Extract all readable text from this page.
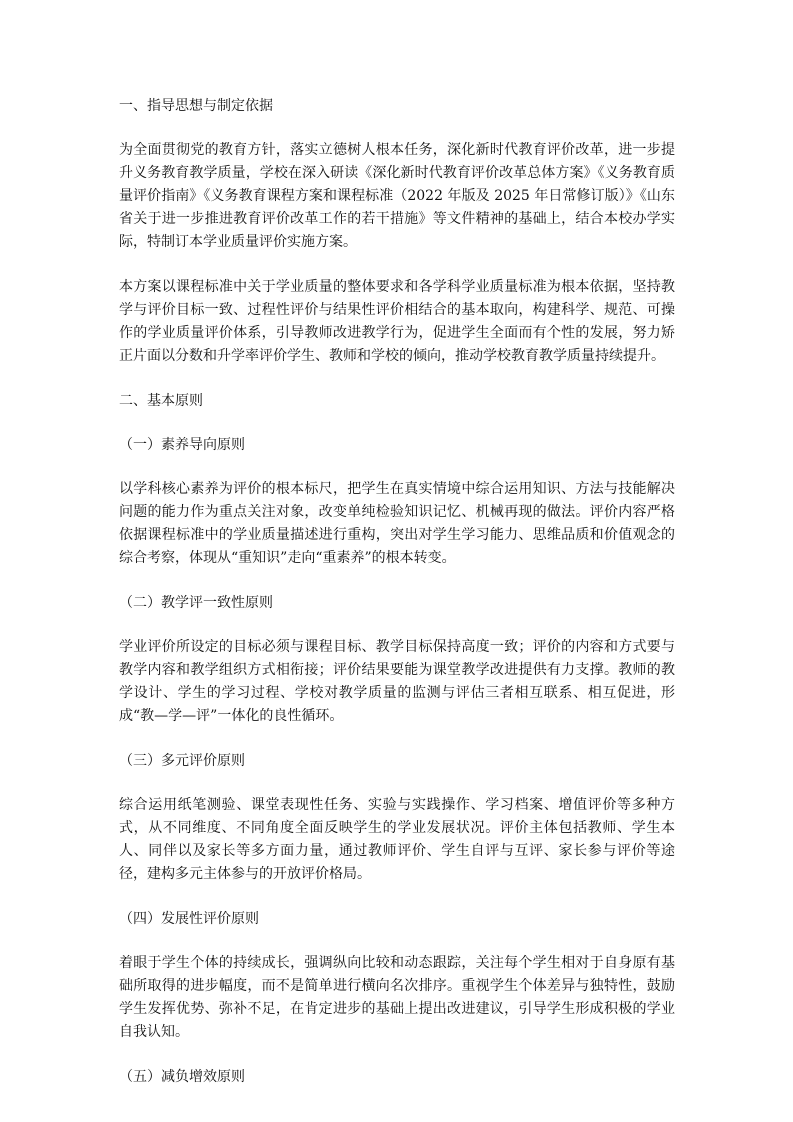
一、指导思想与制定依据
为全面贯彻党的教育方针，落实立德树人根本任务，深化新时代教育评价改革，进一步提升义务教育教学质量，学校在深入研读《深化新时代教育评价改革总体方案》《义务教育质量评价指南》《义务教育课程方案和课程标准（2022 年版及 2025 年日常修订版）》《山东省关于进一步推进教育评价改革工作的若干措施》等文件精神的基础上，结合本校办学实际，特制订本学业质量评价实施方案。
本方案以课程标准中关于学业质量的整体要求和各学科学业质量标准为根本依据，坚持教学与评价目标一致、过程性评价与结果性评价相结合的基本取向，构建科学、规范、可操作的学业质量评价体系，引导教师改进教学行为，促进学生全面而有个性的发展，努力矫正片面以分数和升学率评价学生、教师和学校的倾向，推动学校教育教学质量持续提升。
二、基本原则
（一）素养导向原则
以学科核心素养为评价的根本标尺，把学生在真实情境中综合运用知识、方法与技能解决问题的能力作为重点关注对象，改变单纯检验知识记忆、机械再现的做法。评价内容严格依据课程标准中的学业质量描述进行重构，突出对学生学习能力、思维品质和价值观念的综合考察，体现从“重知识”走向“重素养”的根本转变。
（二）教学评一致性原则
学业评价所设定的目标必须与课程目标、教学目标保持高度一致；评价的内容和方式要与教学内容和教学组织方式相衔接；评价结果要能为课堂教学改进提供有力支撑。教师的教学设计、学生的学习过程、学校对教学质量的监测与评估三者相互联系、相互促进，形成“教—学—评”一体化的良性循环。
（三）多元评价原则
综合运用纸笔测验、课堂表现性任务、实验与实践操作、学习档案、增值评价等多种方式，从不同维度、不同角度全面反映学生的学业发展状况。评价主体包括教师、学生本人、同伴以及家长等多方面力量，通过教师评价、学生自评与互评、家长参与评价等途径，建构多元主体参与的开放评价格局。
（四）发展性评价原则
着眼于学生个体的持续成长，强调纵向比较和动态跟踪，关注每个学生相对于自身原有基础所取得的进步幅度，而不是简单进行横向名次排序。重视学生个体差异与独特性，鼓励学生发挥优势、弥补不足，在肯定进步的基础上提出改进建议，引导学生形成积极的学业自我认知。
（五）减负增效原则
